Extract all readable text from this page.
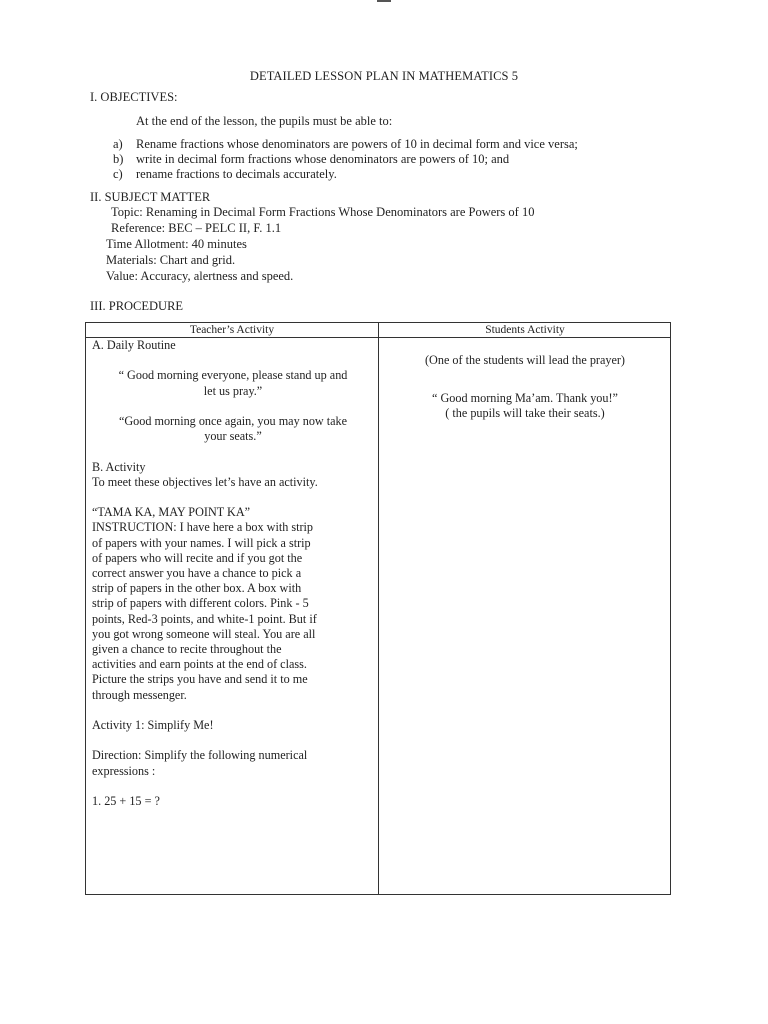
DETAILED LESSON PLAN IN MATHEMATICS 5
I. OBJECTIVES:
At the end of the lesson, the pupils must be able to:
a) Rename fractions whose denominators are powers of 10 in decimal form and vice versa;
b) write in decimal form fractions whose denominators are powers of 10; and
c) rename fractions to decimals accurately.
II. SUBJECT MATTER
Topic: Renaming in Decimal Form Fractions Whose Denominators are Powers of 10
Reference: BEC – PELC II, F. 1.1
Time Allotment: 40 minutes
Materials: Chart and grid.
Value: Accuracy, alertness and speed.
III. PROCEDURE
Teacher’s Activity	Students Activity

A. Daily Routine

“ Good morning everyone, please stand up and

let us pray.”

“Good morning once again, you may now take

your seats.”

B. Activity

To meet these objectives let’s have an activity.

“TAMA KA, MAY POINT KA”

INSTRUCTION: I have here a box with strip

of papers with your names. I will pick a strip

of papers who will recite and if you got the

correct answer you have a chance to pick a

strip of papers in the other box. A box with

strip of papers with different colors. Pink - 5

points, Red-3 points, and white-1 point. But if

you got wrong someone will steal. You are all

given a chance to recite throughout the

activities and earn points at the end of class.

Picture the strips you have and send it to me

through messenger.

Activity 1: Simplify Me!

Direction: Simplify the following numerical

expressions :

1. 25 + 15 = ?

(One of the students will lead the prayer)

“ Good morning Ma’am. Thank you!”

( the pupils will take their seats.)
